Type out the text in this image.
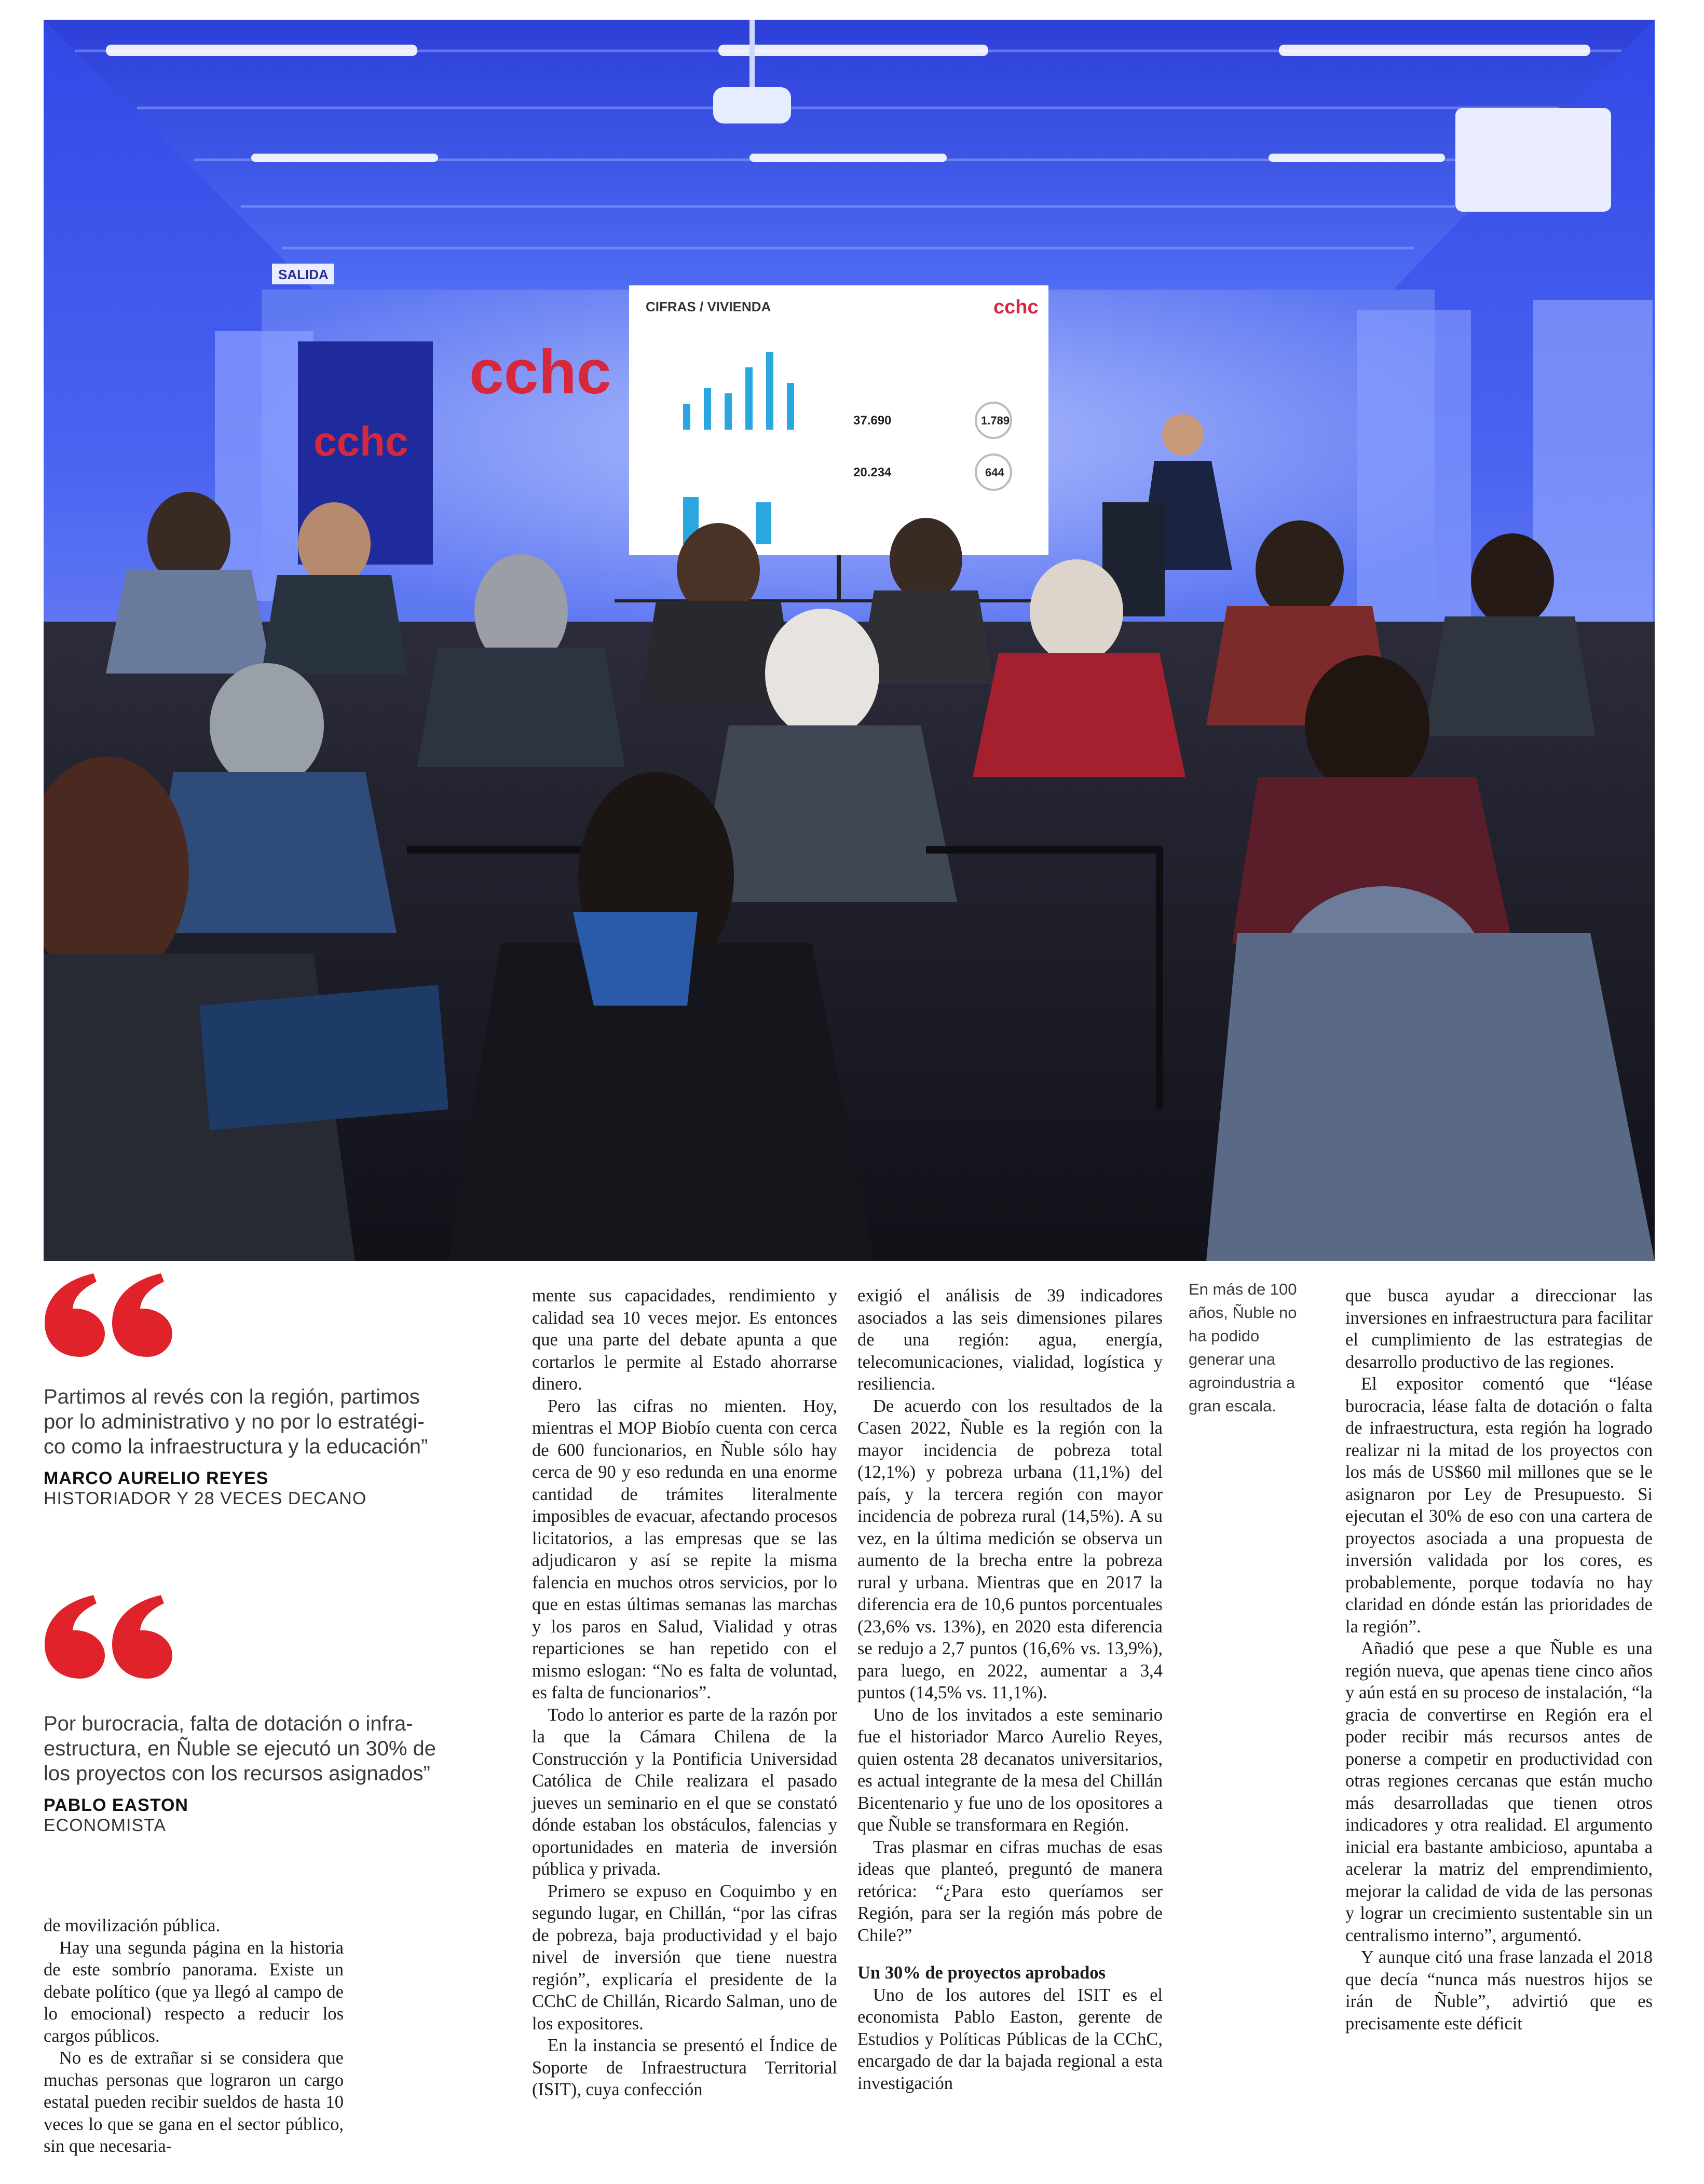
cchc
cchc
SALIDA
CIFRAS / VIVIENDA	cchc
37.690
20.234
1.789
644

Partimos al revés con la región, partimos
por lo administrativo y no por lo estratégi-
co como la infraestructura y la educación”

MARCO AURELIO REYES

HISTORIADOR Y 28 VECES DECANO

Por burocracia, falta de dotación o infra-
estructura, en Ñuble se ejecutó un 30% de
los proyectos con los recursos asignados”

PABLO EASTON

ECONOMISTA

de movilización pública.

Hay una segunda página en la historia de este sombrío panorama. Existe un debate político (que ya llegó al campo de lo emocional) respecto a reducir los cargos públicos.

No es de extrañar si se considera que muchas personas que lograron un cargo estatal pueden recibir sueldos de hasta 10 veces lo que se gana en el sector público, sin que necesaria-

mente sus capacidades, rendimiento y calidad sea 10 veces mejor. Es entonces que una parte del debate apunta a que cortarlos le permite al Estado ahorrarse dinero.

Pero las cifras no mienten. Hoy, mientras el MOP Biobío cuenta con cerca de 600 funcionarios, en Ñuble sólo hay cerca de 90 y eso redunda en una enorme cantidad de trámites literalmente imposibles de evacuar, afectando procesos licitatorios, a las empresas que se las adjudicaron y así se repite la misma falencia en muchos otros servicios, por lo que en estas últimas semanas las marchas y los paros en Salud, Vialidad y otras reparticiones se han repetido con el mismo eslogan: “No es falta de voluntad, es falta de funcionarios”.

Todo lo anterior es parte de la razón por la que la Cámara Chilena de la Construcción y la Pontificia Universidad Católica de Chile realizara el pasado jueves un seminario en el que se constató dónde estaban los obstáculos, falencias y oportunidades en materia de inversión pública y privada.

Primero se expuso en Coquimbo y en segundo lugar, en Chillán, “por las cifras de pobreza, baja productividad y el bajo nivel de inversión que tiene nuestra región”, explicaría el presidente de la CChC de Chillán, Ricardo Salman, uno de los expositores.

En la instancia se presentó el Índice de Soporte de Infraestructura Territorial (ISIT), cuya confección

exigió el análisis de 39 indicadores asociados a las seis dimensiones pilares de una región: agua, energía, telecomunicaciones, vialidad, logística y resiliencia.

De acuerdo con los resultados de la Casen 2022, Ñuble es la región con la mayor incidencia de pobreza total (12,1%) y pobreza urbana (11,1%) del país, y la tercera región con mayor incidencia de pobreza rural (14,5%). A su vez, en la última medición se observa un aumento de la brecha entre la pobreza rural y urbana. Mientras que en 2017 la diferencia era de 10,6 puntos porcentuales (23,6% vs. 13%), en 2020 esta diferencia se redujo a 2,7 puntos (16,6% vs. 13,9%), para luego, en 2022, aumentar a 3,4 puntos (14,5% vs. 11,1%).

Uno de los invitados a este seminario fue el historiador Marco Aurelio Reyes, quien ostenta 28 decanatos universitarios, es actual integrante de la mesa del Chillán Bicentenario y fue uno de los opositores a que Ñuble se transformara en Región.

Tras plasmar en cifras muchas de esas ideas que planteó, preguntó de manera retórica: “¿Para esto queríamos ser Región, para ser la región más pobre de Chile?”

Un 30% de proyectos aprobados

Uno de los autores del ISIT es el economista Pablo Easton, gerente de Estudios y Políticas Públicas de la CChC, encargado de dar la bajada regional a esta investigación

En más de 100 años, Ñuble no ha podido generar una agroindustria a gran escala.

que busca ayudar a direccionar las inversiones en infraestructura para facilitar el cumplimiento de las estrategias de desarrollo productivo de las regiones.

El expositor comentó que “léase burocracia, léase falta de dotación o falta de infraestructura, esta región ha logrado realizar ni la mitad de los proyectos con los más de US$60 mil millones que se le asignaron por Ley de Presupuesto. Si ejecutan el 30% de eso con una cartera de proyectos asociada a una propuesta de inversión validada por los cores, es probablemente, porque todavía no hay claridad en dónde están las prioridades de la región”.

Añadió que pese a que Ñuble es una región nueva, que apenas tiene cinco años y aún está en su proceso de instalación, “la gracia de convertirse en Región era el poder recibir más recursos antes de ponerse a competir en productividad con otras regiones cercanas que están mucho más desarrolladas que tienen otros indicadores y otra realidad. El argumento inicial era bastante ambicioso, apuntaba a acelerar la matriz del emprendimiento, mejorar la calidad de vida de las personas y lograr un crecimiento sustentable sin un centralismo interno”, argumentó.

Y aunque citó una frase lanzada el 2018 que decía “nunca más nuestros hijos se irán de Ñuble”, advirtió que es precisamente este déficit
